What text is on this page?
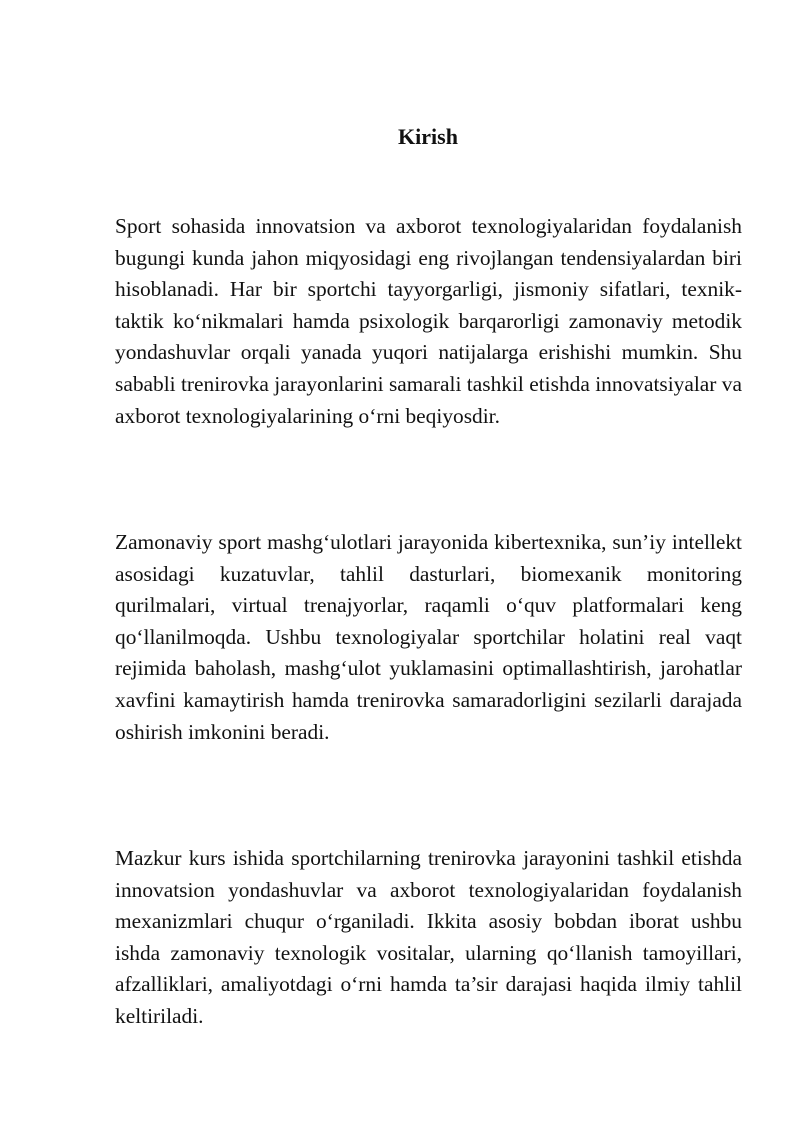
Kirish

Sport sohasida innovatsion va axborot texnologiyalaridan foydalanish bugungi kunda jahon miqyosidagi eng rivojlangan tendensiyalardan biri hisoblanadi. Har bir sportchi tayyorgarligi, jismoniy sifatlari, texnik-taktik ko‘nikmalari hamda psixologik barqarorligi zamonaviy metodik yondashuvlar orqali yanada yuqori natijalarga erishishi mumkin. Shu sababli trenirovka jarayonlarini samarali tashkil etishda innovatsiyalar va axborot texnologiyalarining o‘rni beqiyosdir.

Zamonaviy sport mashg‘ulotlari jarayonida kibertexnika, sun’iy intellekt asosidagi kuzatuvlar, tahlil dasturlari, biomexanik monitoring qurilmalari, virtual trenajyorlar, raqamli o‘quv platformalari keng qo‘llanilmoqda. Ushbu texnologiyalar sportchilar holatini real vaqt rejimida baholash, mashg‘ulot yuklamasini optimallashtirish, jarohatlar xavfini kamaytirish hamda trenirovka samaradorligini sezilarli darajada oshirish imkonini beradi.

Mazkur kurs ishida sportchilarning trenirovka jarayonini tashkil etishda innovatsion yondashuvlar va axborot texnologiyalaridan foydalanish mexanizmlari chuqur o‘rganiladi. Ikkita asosiy bobdan iborat ushbu ishda zamonaviy texnologik vositalar, ularning qo‘llanish tamoyillari, afzalliklari, amaliyotdagi o‘rni hamda ta’sir darajasi haqida ilmiy tahlil keltiriladi.
